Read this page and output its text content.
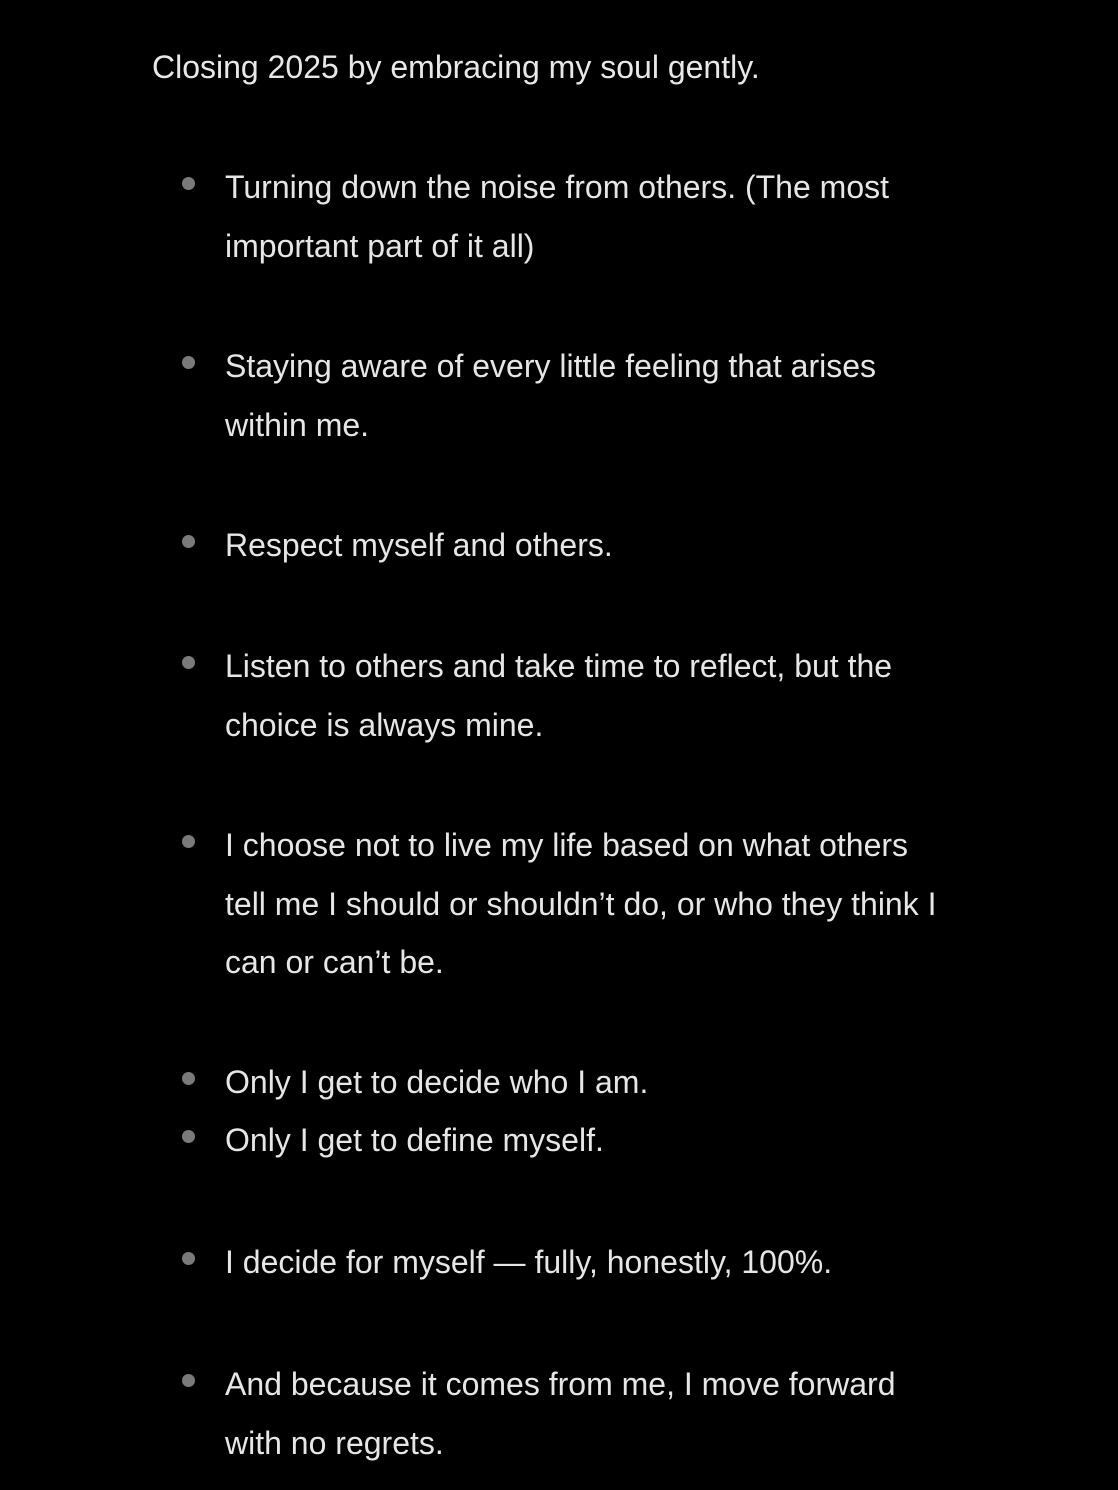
Closing 2025 by embracing my soul gently.
Turning down the noise from others. (The most important part of it all)
Staying aware of every little feeling that arises within me.
Respect myself and others.
Listen to others and take time to reflect, but the choice is always mine.
I choose not to live my life based on what others tell me I should or shouldn’t do, or who they think I can or can’t be.
Only I get to decide who I am.
Only I get to define myself.
I decide for myself — fully, honestly, 100%.
And because it comes from me, I move forward with no regrets.
